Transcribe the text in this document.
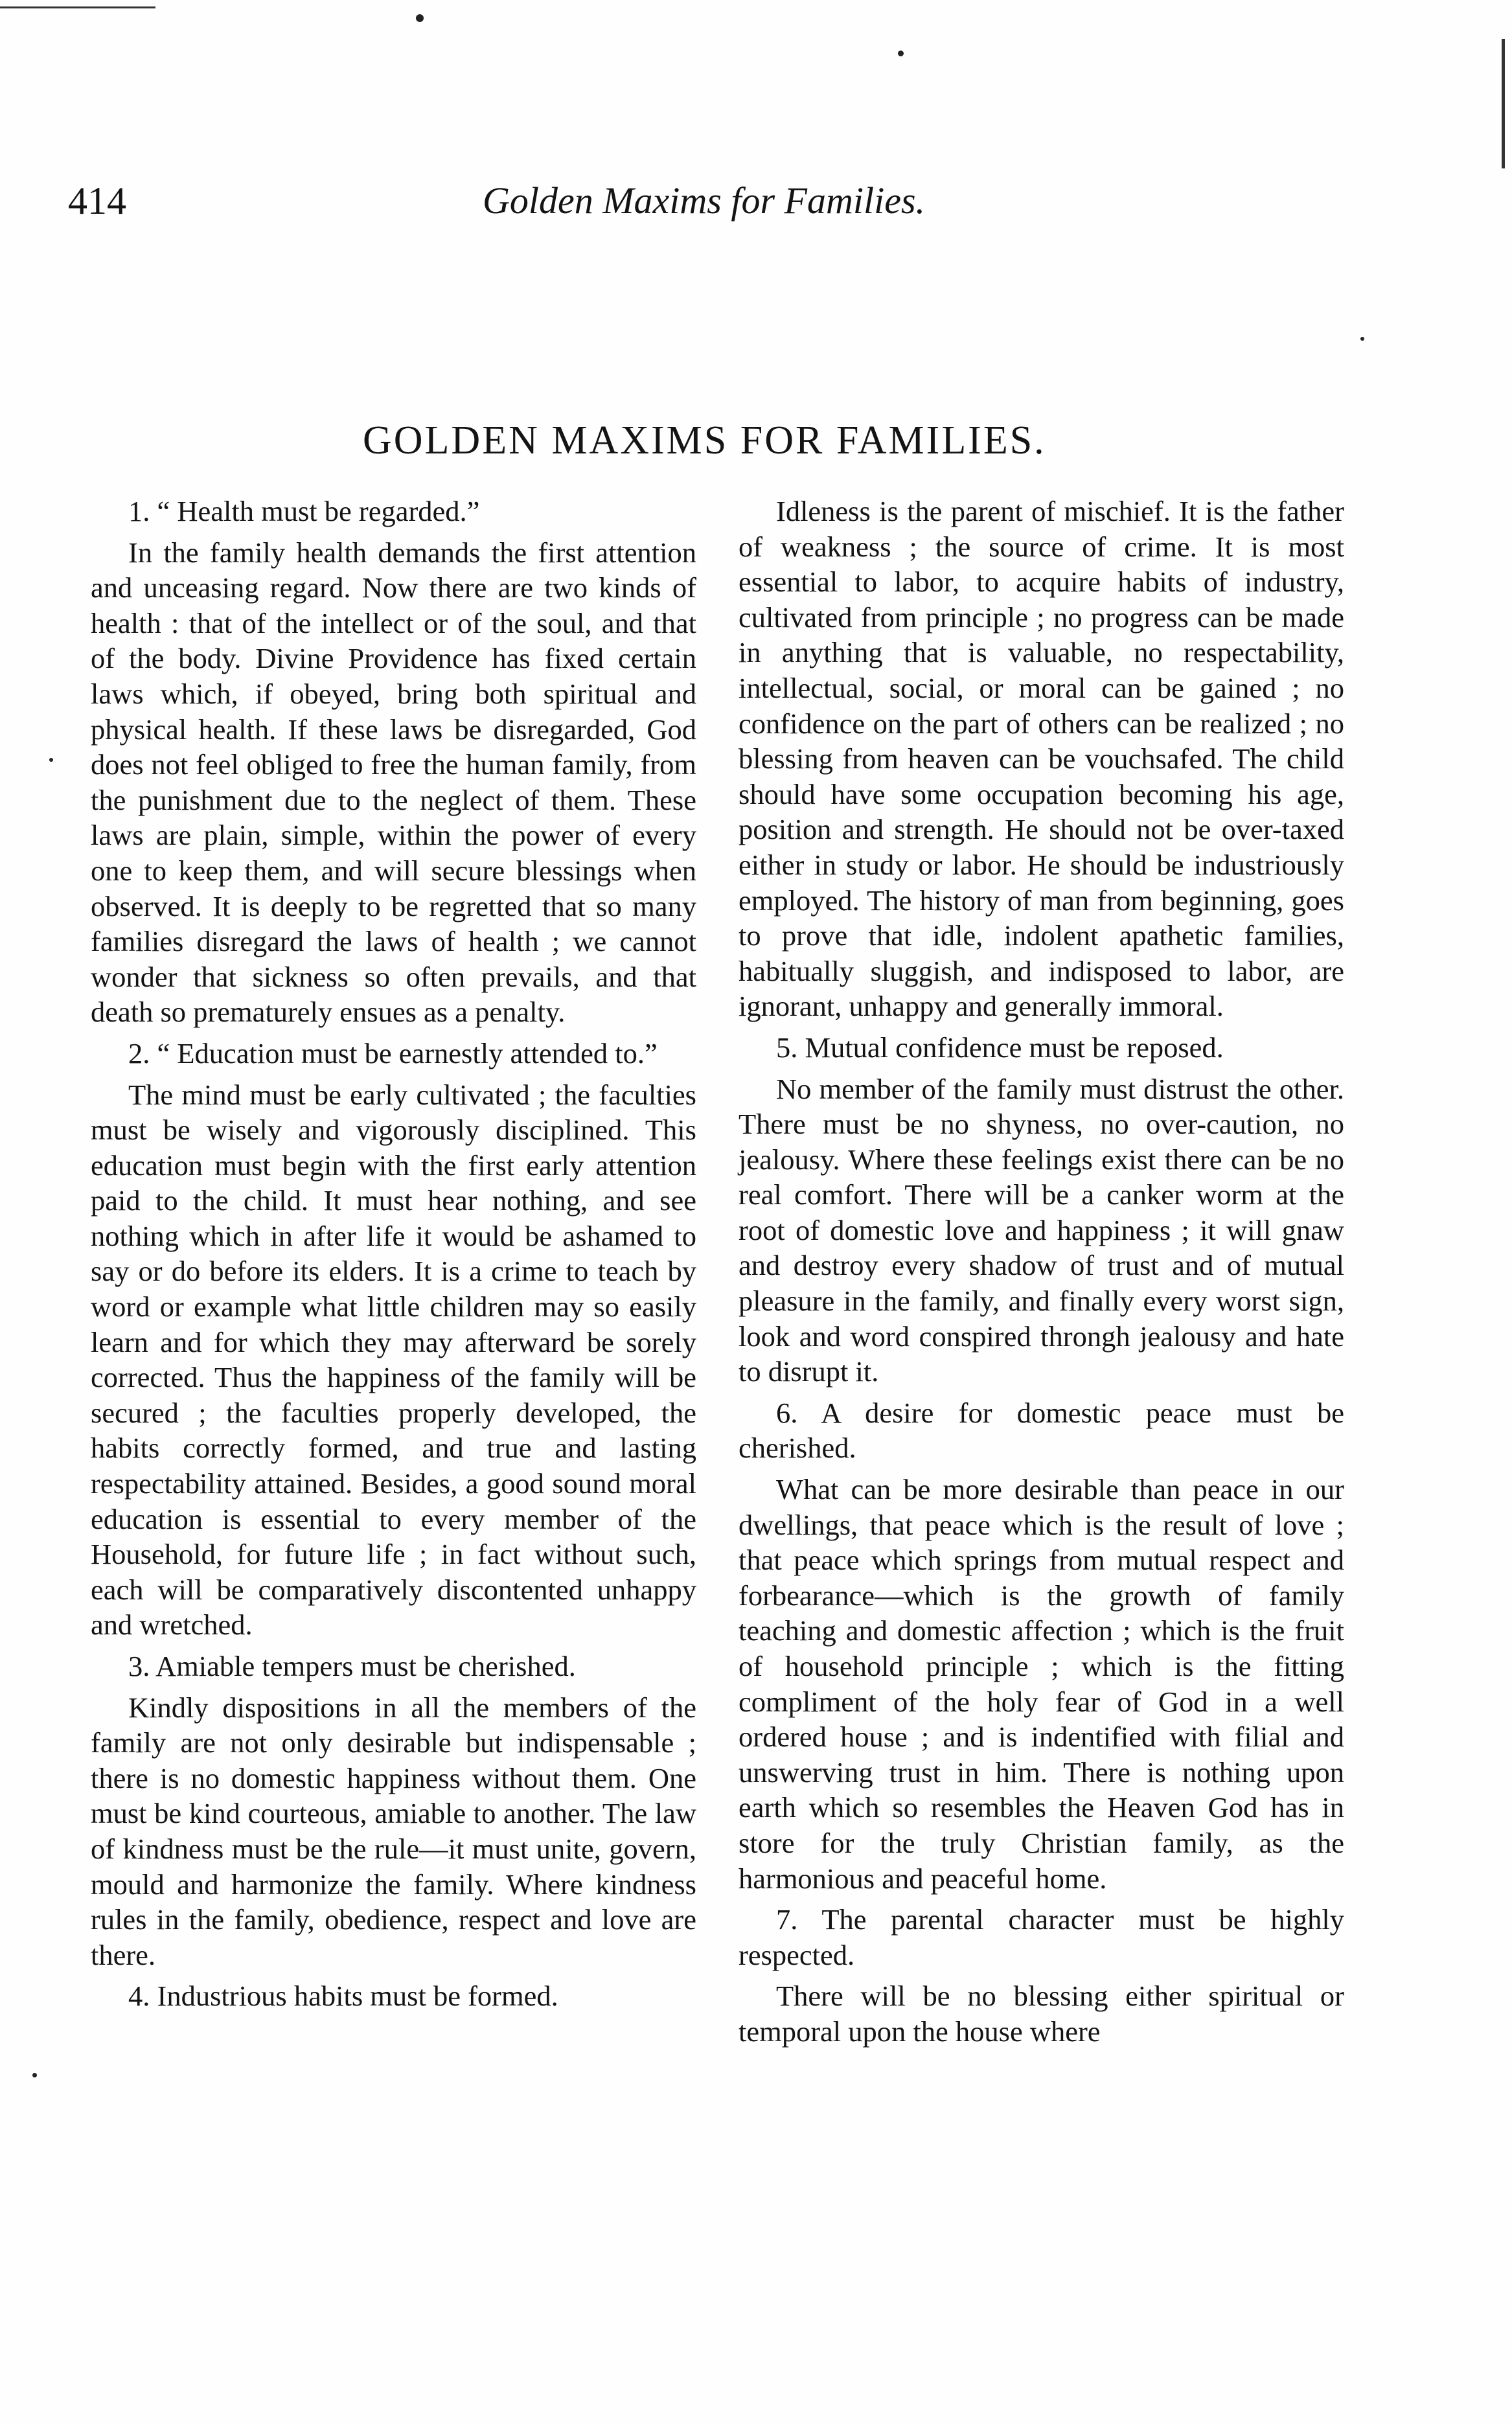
414	Golden Maxims for Families.
GOLDEN MAXIMS FOR FAMILIES.

1. “ Health must be regarded.”

In the family health demands the first attention and unceasing regard. Now there are two kinds of health : that of the intellect or of the soul, and that of the body. Divine Providence has fixed certain laws which, if obeyed, bring both spiritual and physical health. If these laws be disregarded, God does not feel obliged to free the human family, from the punishment due to the neglect of them. These laws are plain, simple, within the power of every one to keep them, and will secure blessings when observed. It is deeply to be regretted that so many families disregard the laws of health ; we cannot wonder that sickness so often prevails, and that death so prematurely ensues as a penalty.

2. “ Education must be earnestly attended to.”

The mind must be early cultivated ; the faculties must be wisely and vigorously disciplined. This education must begin with the first early attention paid to the child. It must hear nothing, and see nothing which in after life it would be ashamed to say or do before its elders. It is a crime to teach by word or example what little children may so easily learn and for which they may afterward be sorely corrected. Thus the happiness of the family will be secured ; the faculties properly developed, the habits correctly formed, and true and lasting respectability attained. Besides, a good sound moral education is essential to every member of the Household, for future life ; in fact without such, each will be comparatively discontented unhappy and wretched.

3. Amiable tempers must be cherished.

Kindly dispositions in all the members of the family are not only desirable but indispensable ; there is no domestic happiness without them. One must be kind courteous, amiable to another. The law of kindness must be the rule—it must unite, govern, mould and harmonize the family. Where kindness rules in the family, obedience, respect and love are there.

4. Industrious habits must be formed.

Idleness is the parent of mischief. It is the father of weakness ; the source of crime. It is most essential to labor, to acquire habits of industry, cultivated from principle ; no progress can be made in anything that is valuable, no respectability, intellectual, social, or moral can be gained ; no confidence on the part of others can be realized ; no blessing from heaven can be vouchsafed. The child should have some occupation becoming his age, position and strength. He should not be over-taxed either in study or labor. He should be industriously employed. The history of man from beginning, goes to prove that idle, indolent apathetic families, habitually sluggish, and indisposed to labor, are ignorant, unhappy and generally immoral.

5. Mutual confidence must be reposed.

No member of the family must distrust the other. There must be no shyness, no over-caution, no jealousy. Where these feelings exist there can be no real comfort. There will be a canker worm at the root of domestic love and happiness ; it will gnaw and destroy every shadow of trust and of mutual pleasure in the family, and finally every worst sign, look and word conspired throngh jealousy and hate to disrupt it.

6. A desire for domestic peace must be cherished.

What can be more desirable than peace in our dwellings, that peace which is the result of love ; that peace which springs from mutual respect and forbearance—which is the growth of family teaching and domestic affection ; which is the fruit of household principle ; which is the fitting compliment of the holy fear of God in a well ordered house ; and is indentified with filial and unswerving trust in him. There is nothing upon earth which so resembles the Heaven God has in store for the truly Christian family, as the harmonious and peaceful home.

7. The parental character must be highly respected.

There will be no blessing either spiritual or temporal upon the house where
